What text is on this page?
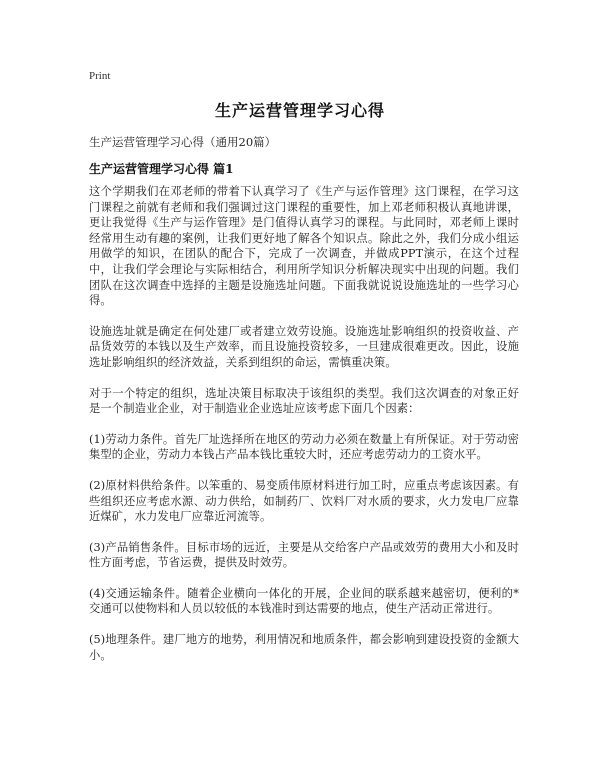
Print
生产运营管理学习心得
生产运营管理学习心得（通用20篇）
生产运营管理学习心得 篇1

这个学期我们在邓老师的带着下认真学习了《生产与运作管理》这门课程，在学习这门课程之前就有老师和我们强调过这门课程的重要性，加上邓老师积极认真地讲课，更让我觉得《生产与运作管理》是门值得认真学习的课程。与此同时，邓老师上课时经常用生动有趣的案例，让我们更好地了解各个知识点。除此之外，我们分成小组运用做学的知识，在团队的配合下，完成了一次调查，并做成PPT演示，在这个过程中，让我们学会理论与实际相结合，利用所学知识分析解决现实中出现的问题。我们团队在这次调查中选择的主题是设施选址问题。下面我就说说设施选址的一些学习心得。

设施选址就是确定在何处建厂或者建立效劳设施。设施选址影响组织的投资收益、产品货效劳的本钱以及生产效率，而且设施投资较多，一旦建成很难更改。因此，设施选址影响组织的经济效益，关系到组织的命运，需慎重决策。

对于一个特定的组织，选址决策目标取决于该组织的类型。我们这次调查的对象正好是一个制造业企业，对于制造业企业选址应该考虑下面几个因素：

(1)劳动力条件。首先厂址选择所在地区的劳动力必须在数量上有所保证。对于劳动密集型的企业，劳动力本钱占产品本钱比重较大时，还应考虑劳动力的工资水平。

(2)原材料供给条件。以笨重的、易变质伟原材料进行加工时，应重点考虑该因素。有些组织还应考虑水源、动力供给，如制药厂、饮料厂对水质的要求，火力发电厂应靠近煤矿，水力发电厂应靠近河流等。

(3)产品销售条件。目标市场的远近，主要是从交给客户产品或效劳的费用大小和及时性方面考虑，节省运费，提供及时效劳。

(4)交通运输条件。随着企业横向一体化的开展，企业间的联系越来越密切，便利的*交通可以使物料和人员以较低的本钱准时到达需要的地点，使生产活动正常进行。

(5)地理条件。建厂地方的地势，利用情况和地质条件，都会影响到建设投资的金额大小。
